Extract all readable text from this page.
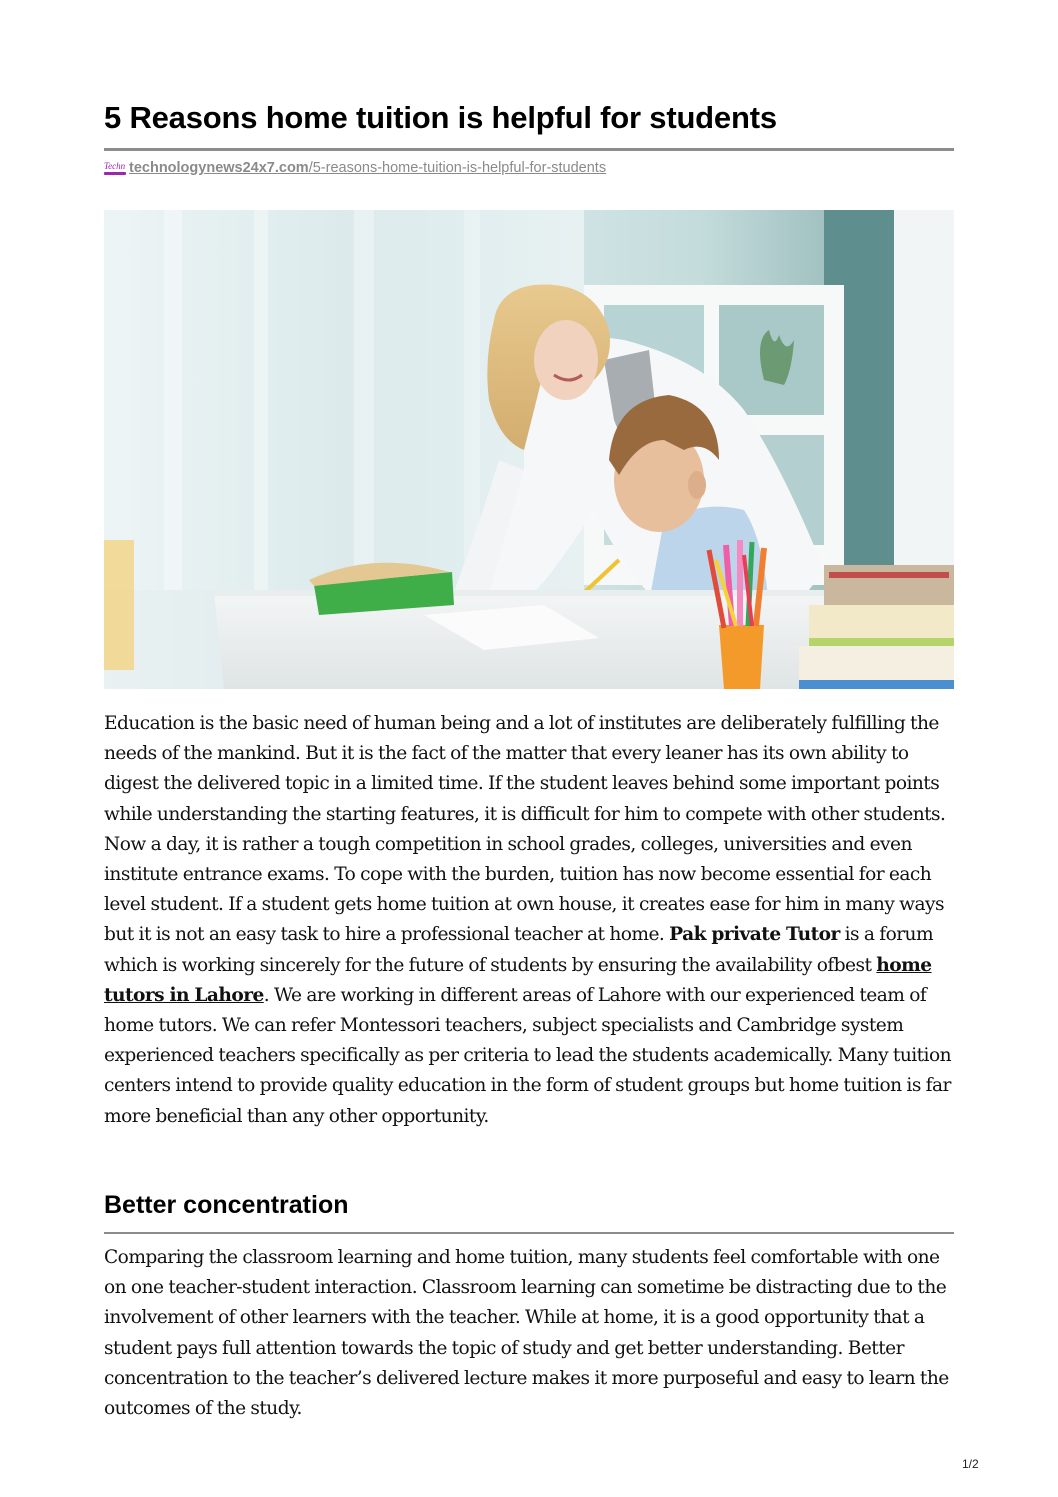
5 Reasons home tuition is helpful for students
Techn technologynews24x7.com/5-reasons-home-tuition-is-helpful-for-students

Education is the basic need of human being and a lot of institutes are deliberately fulfilling the needs of the mankind. But it is the fact of the matter that every leaner has its own ability to digest the delivered topic in a limited time. If the student leaves behind some important points while understanding the starting features, it is difficult for him to compete with other students. Now a day, it is rather a tough competition in school grades, colleges, universities and even institute entrance exams. To cope with the burden, tuition has now become essential for each level student. If a student gets home tuition at own house, it creates ease for him in many ways but it is not an easy task to hire a professional teacher at home. Pak private Tutor is a forum which is working sincerely for the future of students by ensuring the availability ofbest home tutors in Lahore. We are working in different areas of Lahore with our experienced team of home tutors. We can refer Montessori teachers, subject specialists and Cambridge system experienced teachers specifically as per criteria to lead the students academically. Many tuition centers intend to provide quality education in the form of student groups but home tuition is far more beneficial than any other opportunity.

Better concentration

Comparing the classroom learning and home tuition, many students feel comfortable with one on one teacher-student interaction. Classroom learning can sometime be distracting due to the involvement of other learners with the teacher. While at home, it is a good opportunity that a student pays full attention towards the topic of study and get better understanding. Better concentration to the teacher’s delivered lecture makes it more purposeful and easy to learn the outcomes of the study.

1/2
